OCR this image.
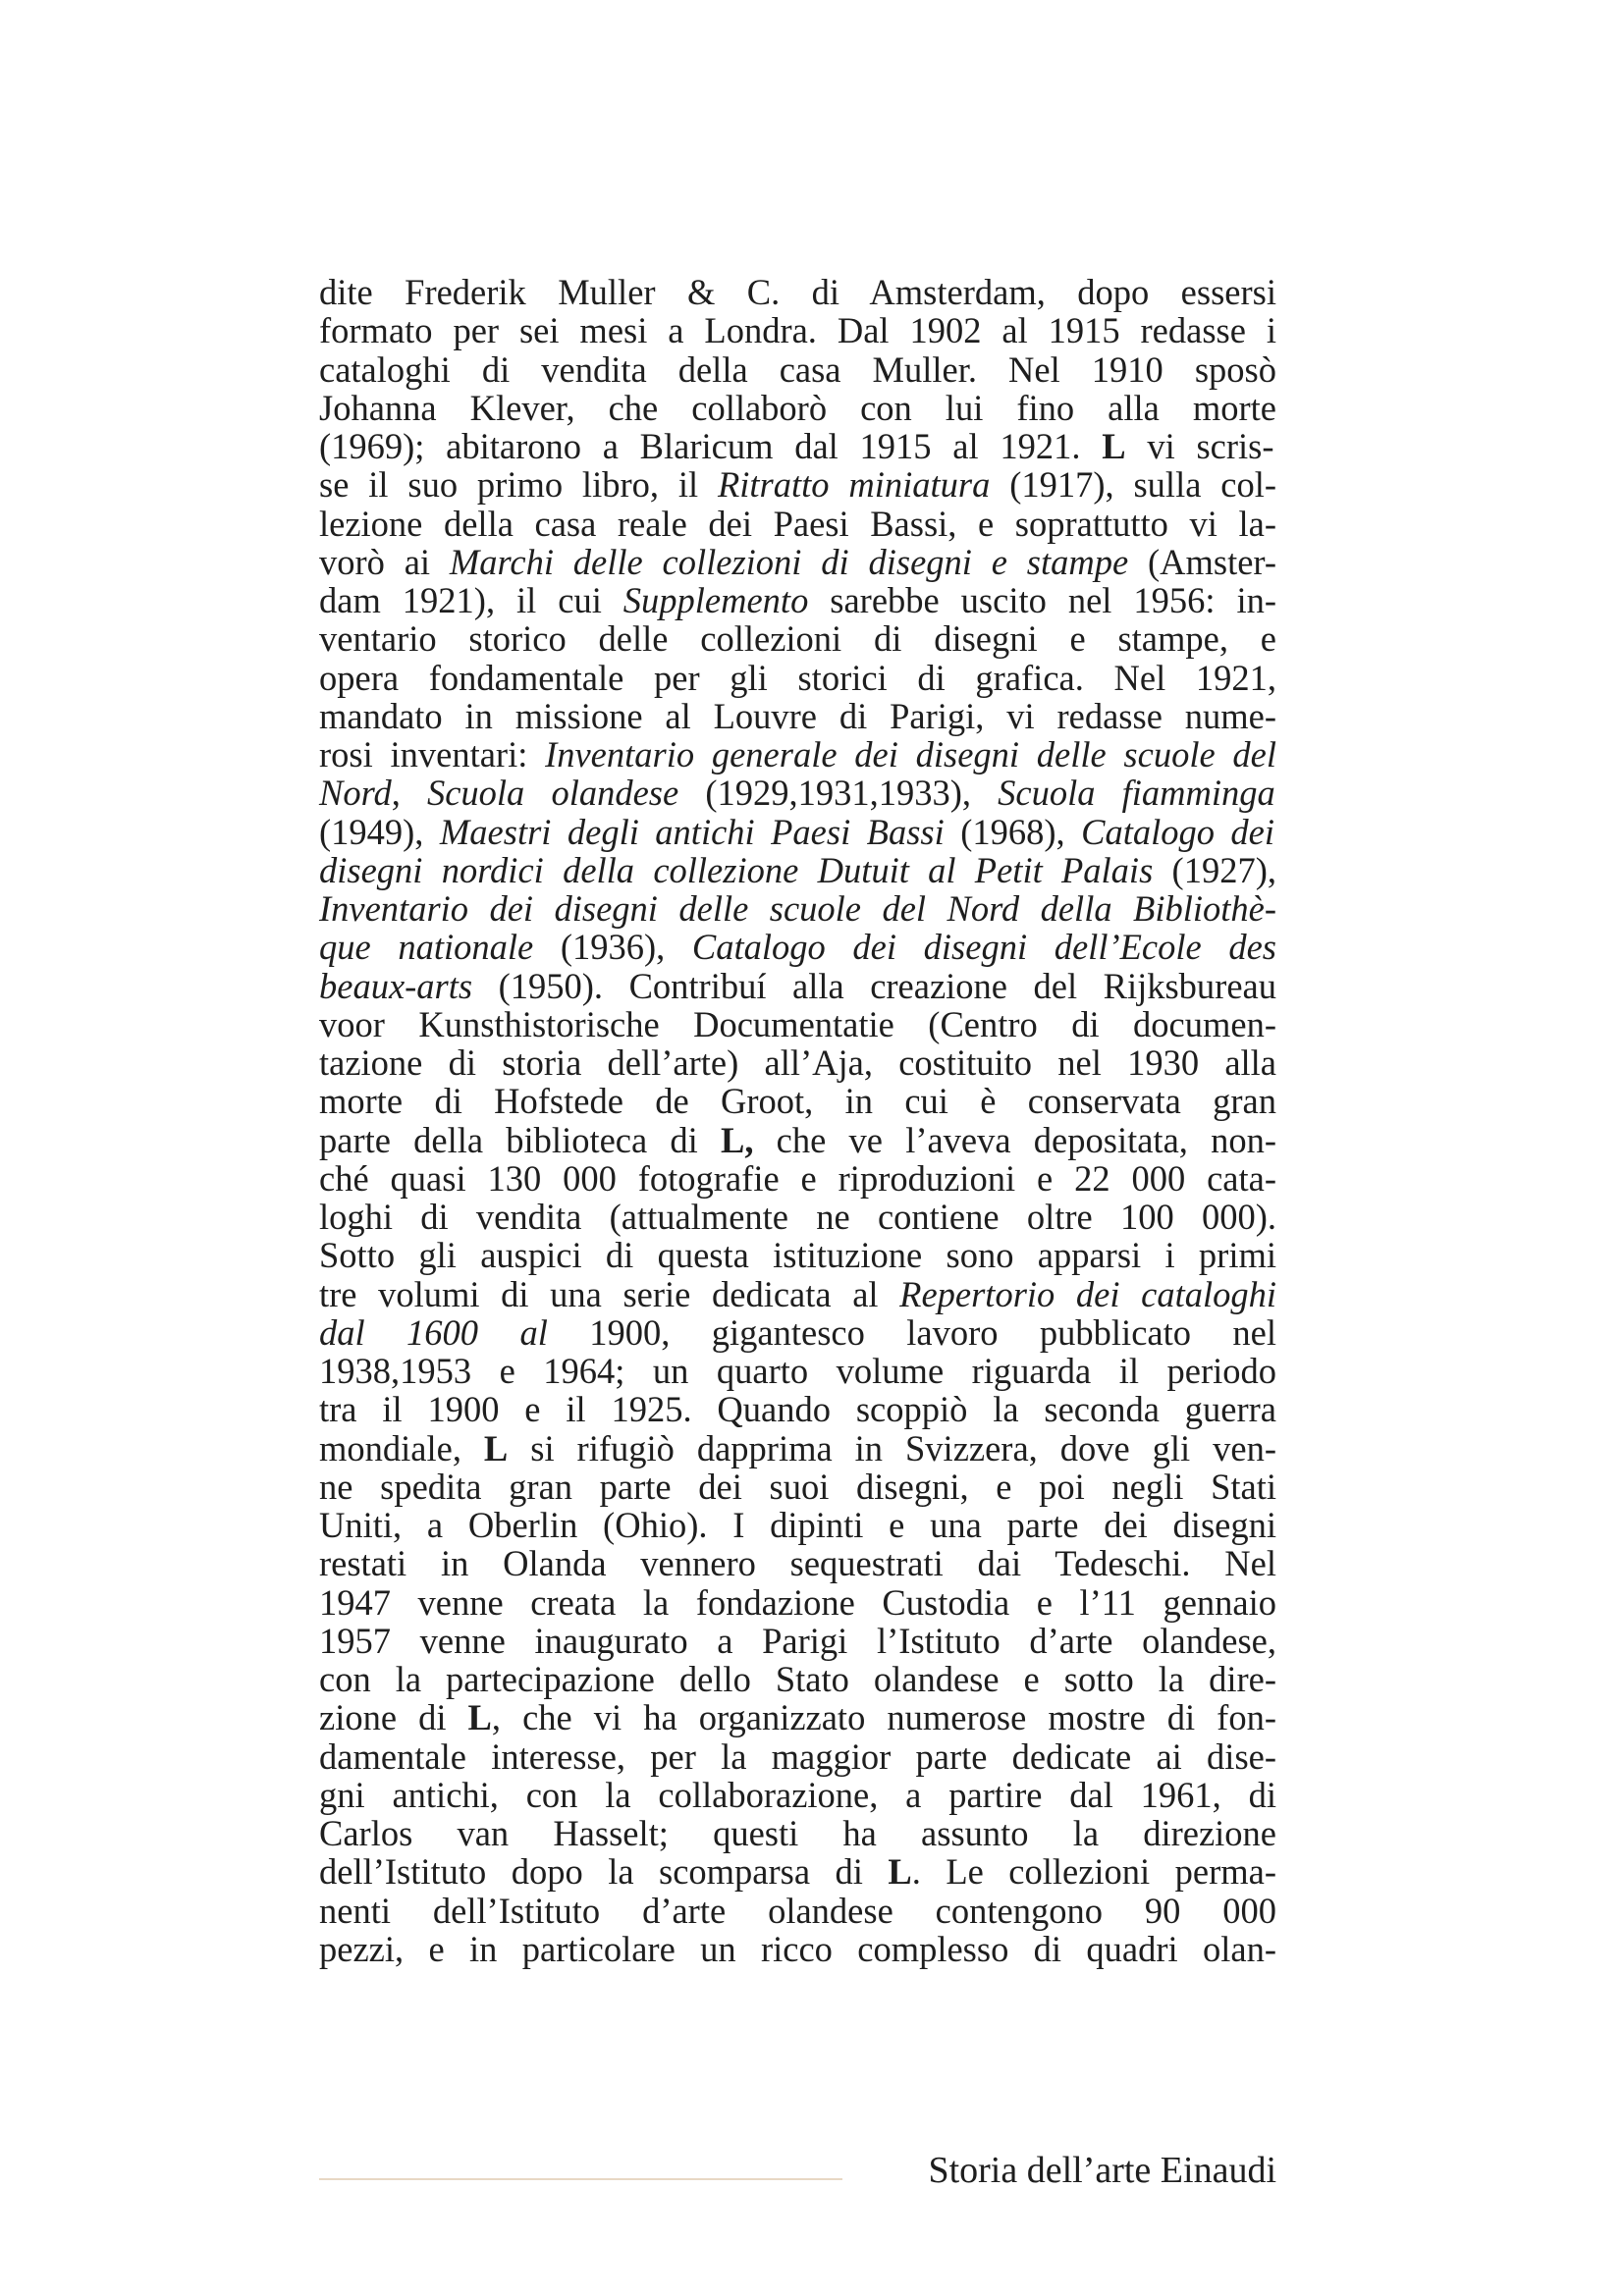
dite Frederik Muller & C. di Amsterdam, dopo essersi
formato per sei mesi a Londra. Dal 1902 al 1915 redasse i
cataloghi di vendita della casa Muller. Nel 1910 sposò
Johanna Klever, che collaborò con lui fino alla morte
(1969); abitarono a Blaricum dal 1915 al 1921. L vi scris-
se il suo primo libro, il Ritratto miniatura (1917), sulla col-
lezione della casa reale dei Paesi Bassi, e soprattutto vi la-
vorò ai Marchi delle collezioni di disegni e stampe (Amster-
dam 1921), il cui Supplemento sarebbe uscito nel 1956: in-
ventario storico delle collezioni di disegni e stampe, e
opera fondamentale per gli storici di grafica. Nel 1921,
mandato in missione al Louvre di Parigi, vi redasse nume-
rosi inventari: Inventario generale dei disegni delle scuole del
Nord, Scuola olandese (1929,1931,1933), Scuola fiamminga
(1949), Maestri degli antichi Paesi Bassi (1968), Catalogo dei
disegni nordici della collezione Dutuit al Petit Palais (1927),
Inventario dei disegni delle scuole del Nord della Bibliothè-
que nationale (1936), Catalogo dei disegni dell’Ecole des
beaux-arts (1950). Contribuí alla creazione del Rijksbureau
voor Kunsthistorische Documentatie (Centro di documen-
tazione di storia dell’arte) all’Aja, costituito nel 1930 alla
morte di Hofstede de Groot, in cui è conservata gran
parte della biblioteca di L, che ve l’aveva depositata, non-
ché quasi 130 000 fotografie e riproduzioni e 22 000 cata-
loghi di vendita (attualmente ne contiene oltre 100 000).
Sotto gli auspici di questa istituzione sono apparsi i primi
tre volumi di una serie dedicata al Repertorio dei cataloghi
dal 1600 al 1900, gigantesco lavoro pubblicato nel
1938,1953 e 1964; un quarto volume riguarda il periodo
tra il 1900 e il 1925. Quando scoppiò la seconda guerra
mondiale, L si rifugiò dapprima in Svizzera, dove gli ven-
ne spedita gran parte dei suoi disegni, e poi negli Stati
Uniti, a Oberlin (Ohio). I dipinti e una parte dei disegni
restati in Olanda vennero sequestrati dai Tedeschi. Nel
1947 venne creata la fondazione Custodia e l’11 gennaio
1957 venne inaugurato a Parigi l’Istituto d’arte olandese,
con la partecipazione dello Stato olandese e sotto la dire-
zione di L, che vi ha organizzato numerose mostre di fon-
damentale interesse, per la maggior parte dedicate ai dise-
gni antichi, con la collaborazione, a partire dal 1961, di
Carlos van Hasselt; questi ha assunto la direzione
dell’Istituto dopo la scomparsa di L. Le collezioni perma-
nenti dell’Istituto d’arte olandese contengono 90 000
pezzi, e in particolare un ricco complesso di quadri olan-
Storia dell’arte Einaudi
